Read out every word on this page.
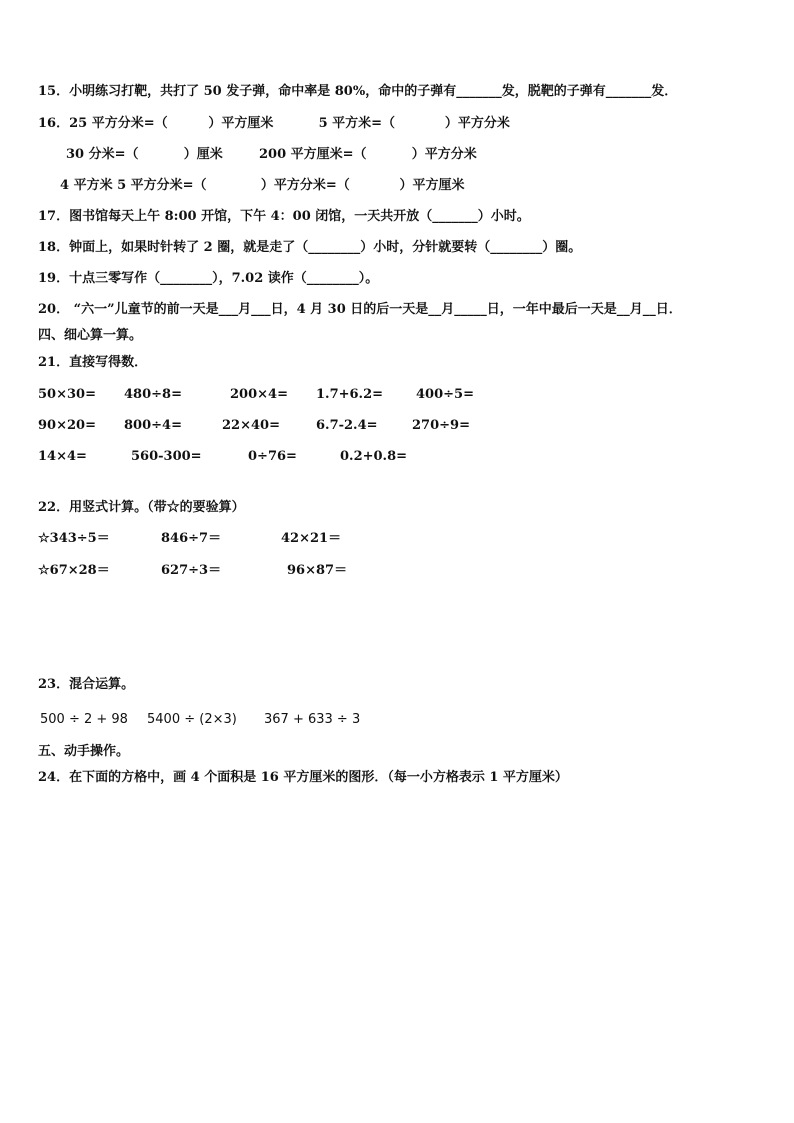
15．小明练习打靶，共打了 50 发子弹，命中率是 80%，命中的子弹有_______发，脱靶的子弹有_______发．
16．25 平方分米=（         ）平方厘米          5 平方米=（           ）平方分米
30 分米=（          ）厘米        200 平方厘米=（          ）平方分米
4 平方米 5 平方分米=（            ）平方分米=（           ）平方厘米
17．图书馆每天上午 8:00 开馆，下午 4：00 闭馆，一天共开放（_______）小时。
18．钟面上，如果时针转了 2 圈，就是走了（________）小时，分针就要转（________）圈。
19．十点三零写作（________），7.02 读作（________）。
20． “六一”儿童节的前一天是___月___日，4 月 30 日的后一天是__月_____日，一年中最后一天是__月__日．
四、细心算一算。
21．直接写得数．
50×30= 480÷8=	200×4= 1.7+6.2=	400÷5=
90×20= 800÷4=	22×40=	6.7-2.4=	270÷9=
14×4=	560-300=	0÷76=	0.2+0.8=
22．用竖式计算。（带☆的要验算）
☆343÷5＝	846÷7＝	42×21＝
☆67×28＝	627÷3＝	96×87＝
23．混合运算。
500 ÷ 2 + 98 5400 ÷ (2×3) 367 + 633 ÷ 3
五、动手操作。
24．在下面的方格中，画 4 个面积是 16 平方厘米的图形．（每一小方格表示 1 平方厘米）
